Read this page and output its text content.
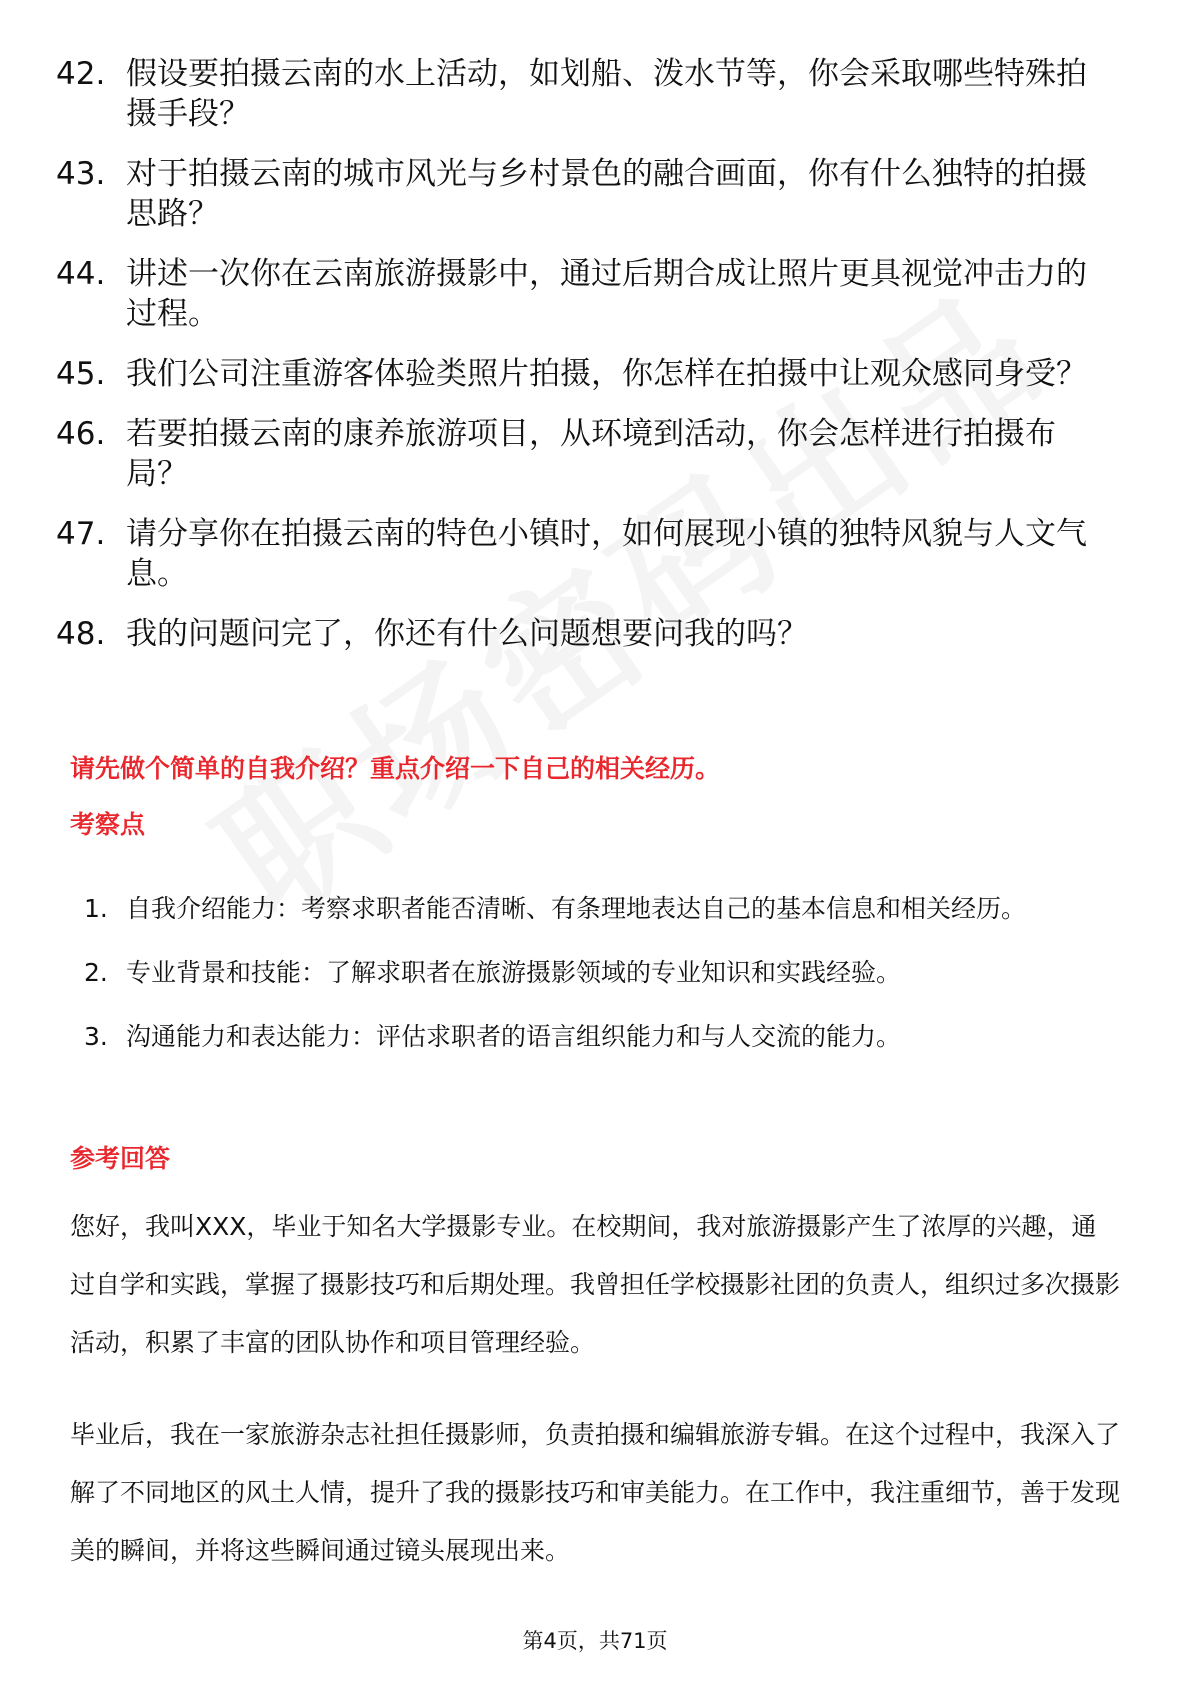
42. 假设要拍摄云南的水上活动，如划船、泼水节等，你会采取哪些特殊拍摄手段？
43. 对于拍摄云南的城市风光与乡村景色的融合画面，你有什么独特的拍摄思路？
44. 讲述一次你在云南旅游摄影中，通过后期合成让照片更具视觉冲击力的过程。
45. 我们公司注重游客体验类照片拍摄，你怎样在拍摄中让观众感同身受？
46. 若要拍摄云南的康养旅游项目，从环境到活动，你会怎样进行拍摄布局？
47. 请分享你在拍摄云南的特色小镇时，如何展现小镇的独特风貌与人文气息。
48. 我的问题问完了，你还有什么问题想要问我的吗？
请先做个简单的自我介绍？重点介绍一下自己的相关经历。
考察点
1. 自我介绍能力：考察求职者能否清晰、有条理地表达自己的基本信息和相关经历。
2. 专业背景和技能：了解求职者在旅游摄影领域的专业知识和实践经验。
3. 沟通能力和表达能力：评估求职者的语言组织能力和与人交流的能力。
参考回答

您好，我叫XXX，毕业于知名大学摄影专业。在校期间，我对旅游摄影产生了浓厚的兴趣，通过自学和实践，掌握了摄影技巧和后期处理。我曾担任学校摄影社团的负责人，组织过多次摄影活动，积累了丰富的团队协作和项目管理经验。

毕业后，我在一家旅游杂志社担任摄影师，负责拍摄和编辑旅游专辑。在这个过程中，我深入了解了不同地区的风土人情，提升了我的摄影技巧和审美能力。在工作中，我注重细节，善于发现美的瞬间，并将这些瞬间通过镜头展现出来。

第4页，共71页
